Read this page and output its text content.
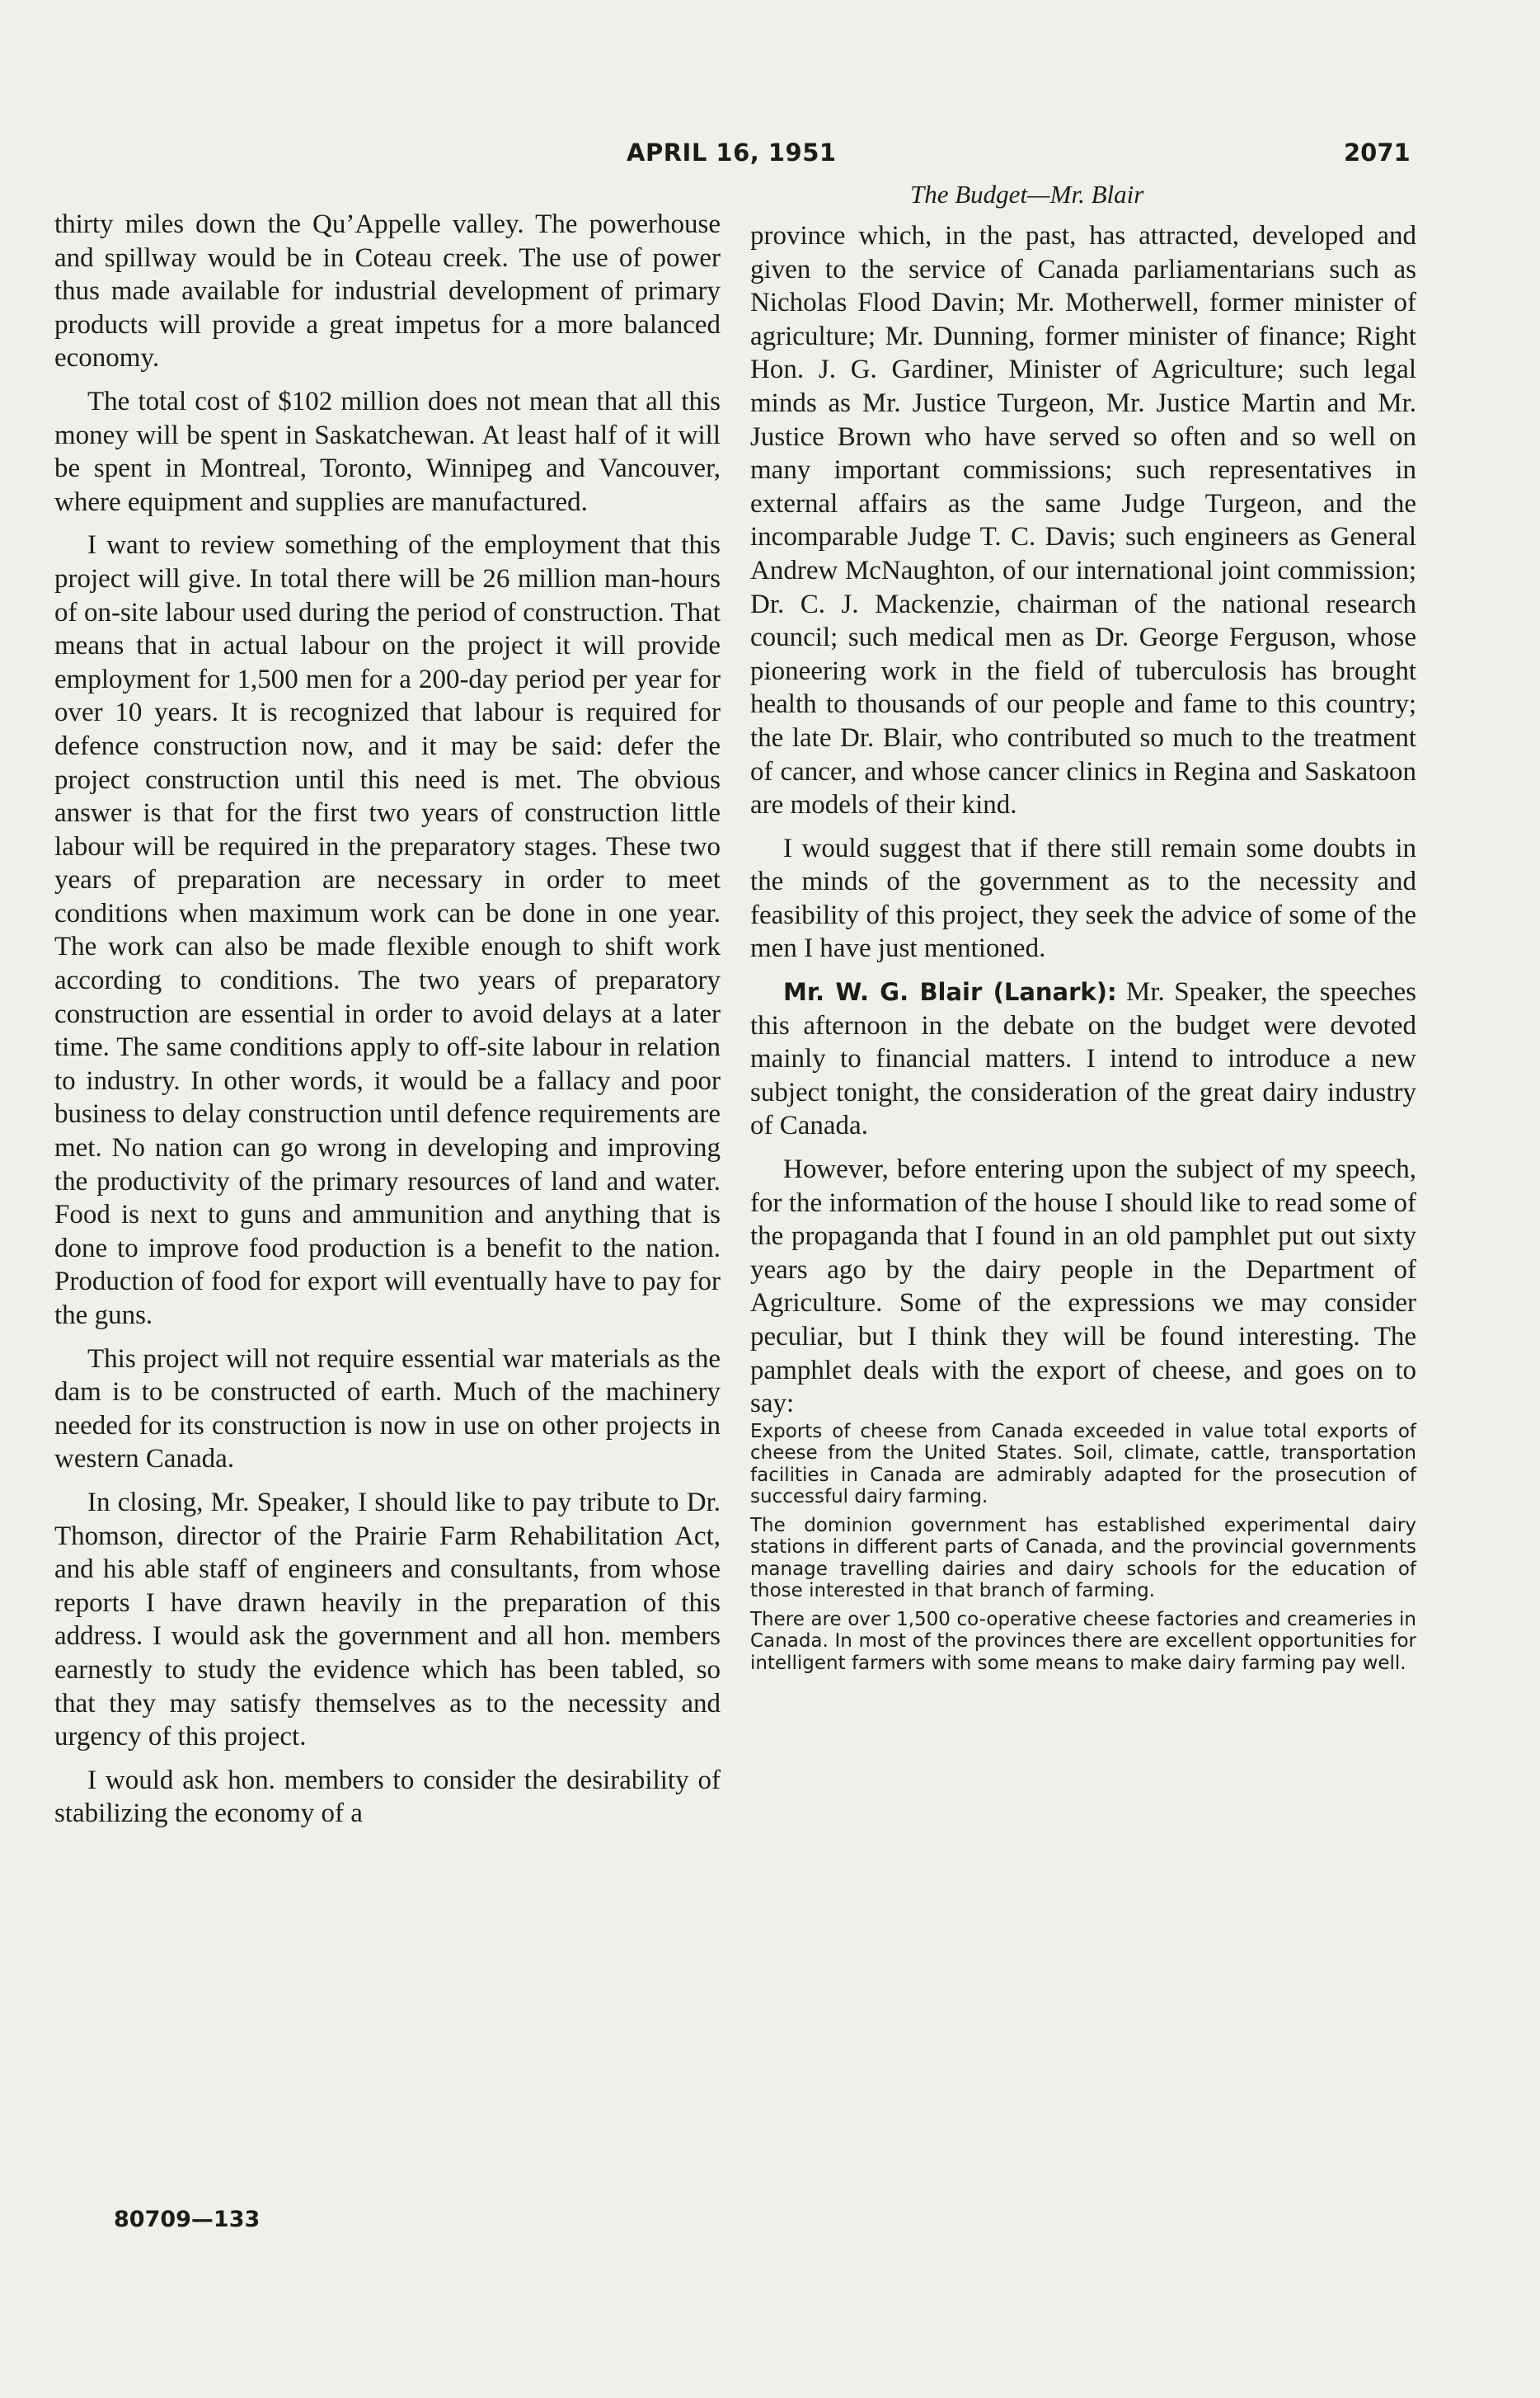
APRIL 16, 1951	2071
The Budget—Mr. Blair

thirty miles down the Qu’Appelle valley. The powerhouse and spillway would be in Coteau creek. The use of power thus made available for industrial development of primary products will provide a great impetus for a more balanced economy.

The total cost of $102 million does not mean that all this money will be spent in Saskatchewan. At least half of it will be spent in Montreal, Toronto, Winnipeg and Vancouver, where equipment and supplies are manufactured.

I want to review something of the employment that this project will give. In total there will be 26 million man-hours of on-site labour used during the period of construction. That means that in actual labour on the project it will provide employment for 1,500 men for a 200-day period per year for over 10 years. It is recognized that labour is required for defence construction now, and it may be said: defer the project construction until this need is met. The obvious answer is that for the first two years of construction little labour will be required in the preparatory stages. These two years of preparation are necessary in order to meet conditions when maximum work can be done in one year. The work can also be made flexible enough to shift work according to conditions. The two years of preparatory construction are essential in order to avoid delays at a later time. The same conditions apply to off-site labour in relation to industry. In other words, it would be a fallacy and poor business to delay construction until defence requirements are met. No nation can go wrong in developing and improving the productivity of the primary resources of land and water. Food is next to guns and ammunition and anything that is done to improve food production is a benefit to the nation. Production of food for export will eventually have to pay for the guns.

This project will not require essential war materials as the dam is to be constructed of earth. Much of the machinery needed for its construction is now in use on other projects in western Canada.

In closing, Mr. Speaker, I should like to pay tribute to Dr. Thomson, director of the Prairie Farm Rehabilitation Act, and his able staff of engineers and consultants, from whose reports I have drawn heavily in the preparation of this address. I would ask the government and all hon. members earnestly to study the evidence which has been tabled, so that they may satisfy themselves as to the necessity and urgency of this project.

I would ask hon. members to consider the desirability of stabilizing the economy of a

province which, in the past, has attracted, developed and given to the service of Canada parliamentarians such as Nicholas Flood Davin; Mr. Motherwell, former minister of agriculture; Mr. Dunning, former minister of finance; Right Hon. J. G. Gardiner, Minister of Agriculture; such legal minds as Mr. Justice Turgeon, Mr. Justice Martin and Mr. Justice Brown who have served so often and so well on many important commissions; such representatives in external affairs as the same Judge Turgeon, and the incomparable Judge T. C. Davis; such engineers as General Andrew McNaughton, of our international joint commission; Dr. C. J. Mackenzie, chairman of the national research council; such medical men as Dr. George Ferguson, whose pioneering work in the field of tuberculosis has brought health to thousands of our people and fame to this country; the late Dr. Blair, who contributed so much to the treatment of cancer, and whose cancer clinics in Regina and Saskatoon are models of their kind.

I would suggest that if there still remain some doubts in the minds of the government as to the necessity and feasibility of this project, they seek the advice of some of the men I have just mentioned.

Mr. W. G. Blair (Lanark): Mr. Speaker, the speeches this afternoon in the debate on the budget were devoted mainly to financial matters. I intend to introduce a new subject tonight, the consideration of the great dairy industry of Canada.

However, before entering upon the subject of my speech, for the information of the house I should like to read some of the propaganda that I found in an old pamphlet put out sixty years ago by the dairy people in the Department of Agriculture. Some of the expressions we may consider peculiar, but I think they will be found interesting. The pamphlet deals with the export of cheese, and goes on to say:

Exports of cheese from Canada exceeded in value total exports of cheese from the United States. Soil, climate, cattle, transportation facilities in Canada are admirably adapted for the prosecution of successful dairy farming.

The dominion government has established experimental dairy stations in different parts of Canada, and the provincial governments manage travelling dairies and dairy schools for the education of those interested in that branch of farming.

There are over 1,500 co-operative cheese factories and creameries in Canada. In most of the provinces there are excellent opportunities for intelligent farmers with some means to make dairy farming pay well.

80709—133
